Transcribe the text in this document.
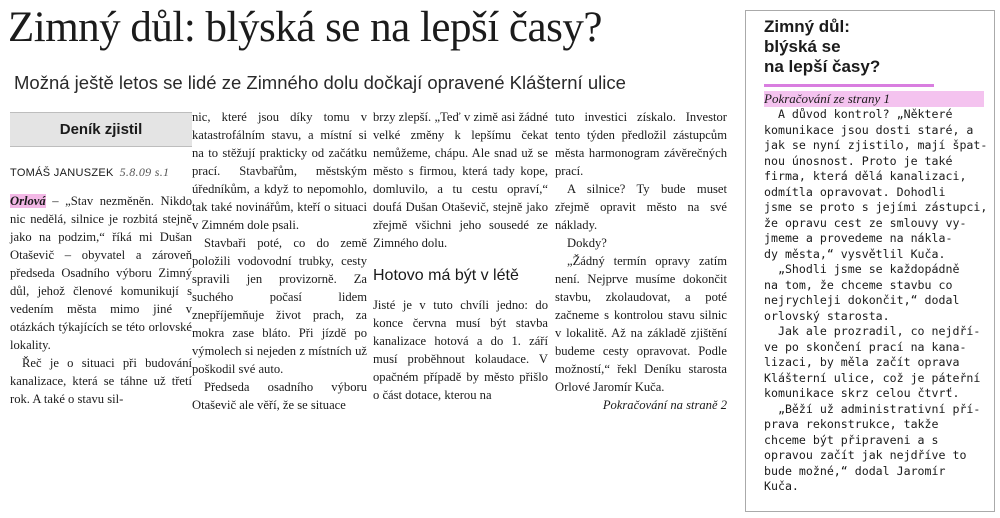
Zimný důl: blýská se na lepší časy?
Možná ještě letos se lidé ze Zimného dolu dočkají opravené Klášterní ulice
Deník zjistil
TOMÁŠ JANUSZEK 5.8.09 s.1

Orlová – „Stav nezměněn. Nikdo nic nedělá, silnice je rozbitá stejně jako na podzim,“ říká mi Dušan Otaševič – obyvatel a zároveň předseda Osadního výboru Zimný důl, jehož členové komunikují s vedením města mimo jiné v otázkách týkajících se této orlovské lokality.

Řeč je o situaci při budování kanalizace, která se táhne už třetí rok. A také o stavu sil-

nic, které jsou díky tomu v katastrofálním stavu, a místní si na to stěžují prakticky od začátku prací. Stavbařům, městským úředníkům, a když to nepomohlo, tak také novinářům, kteří o situaci v Zimném dole psali.

Stavbaři poté, co do země položili vodovodní trubky, cesty spravili jen provizorně. Za suchého počasí lidem znepříjemňuje život prach, za mokra zase bláto. Při jízdě po výmolech si nejeden z místních už poškodil své auto.

Předseda osadního výboru Otaševič ale věří, že se situace

brzy zlepší. „Teď v zimě asi žádné velké změny k lepšímu čekat nemůžeme, chápu. Ale snad už se město s firmou, která tady kope, domluvilo, a tu cestu opraví,“ doufá Dušan Otaševič, stejně jako zřejmě všichni jeho sousedé ze Zimného dolu.

Hotovo má být v létě

Jisté je v tuto chvíli jedno: do konce června musí být stavba kanalizace hotová a do 1. září musí proběhnout kolaudace. V opačném případě by město přišlo o část dotace, kterou na

tuto investici získalo. Investor tento týden předložil zástupcům města harmonogram závěrečných prací.

A silnice? Ty bude muset zřejmě opravit město na své náklady.

Dokdy?

„Žádný termín opravy zatím není. Nejprve musíme dokončit stavbu, zkolaudovat, a poté začneme s kontrolou stavu silnic v lokalitě. Až na základě zjištění budeme cesty opravovat. Podle možností,“ řekl Deníku starosta Orlové Jaromír Kuča.

Pokračování na straně 2

Zimný důl:
blýská se
na lepší časy?
Pokračování ze strany 1
A důvod kontrol? „Některé
komunikace jsou dosti staré, a
jak se nyní zjistilo, mají špat-
nou únosnost. Proto je také
firma, která dělá kanalizaci,
odmítla opravovat. Dohodli
jsme se proto s jejími zástupci,
že opravu cest ze smlouvy vy-
jmeme a provedeme na nákla-
dy města,“ vysvětlil Kuča.
„Shodli jsme se každopádně
na tom, že chceme stavbu co
nejrychleji dokončit,“ dodal
orlovský starosta.
Jak ale prozradil, co nejdří-
ve po skončení prací na kana-
lizaci, by měla začít oprava
Klášterní ulice, což je páteřní
komunikace skrz celou čtvrť.
„Běží už administrativní pří-
prava rekonstrukce, takže
chceme být připraveni a s
opravou začít jak nejdříve to
bude možné,“ dodal Jaromír
Kuča.
